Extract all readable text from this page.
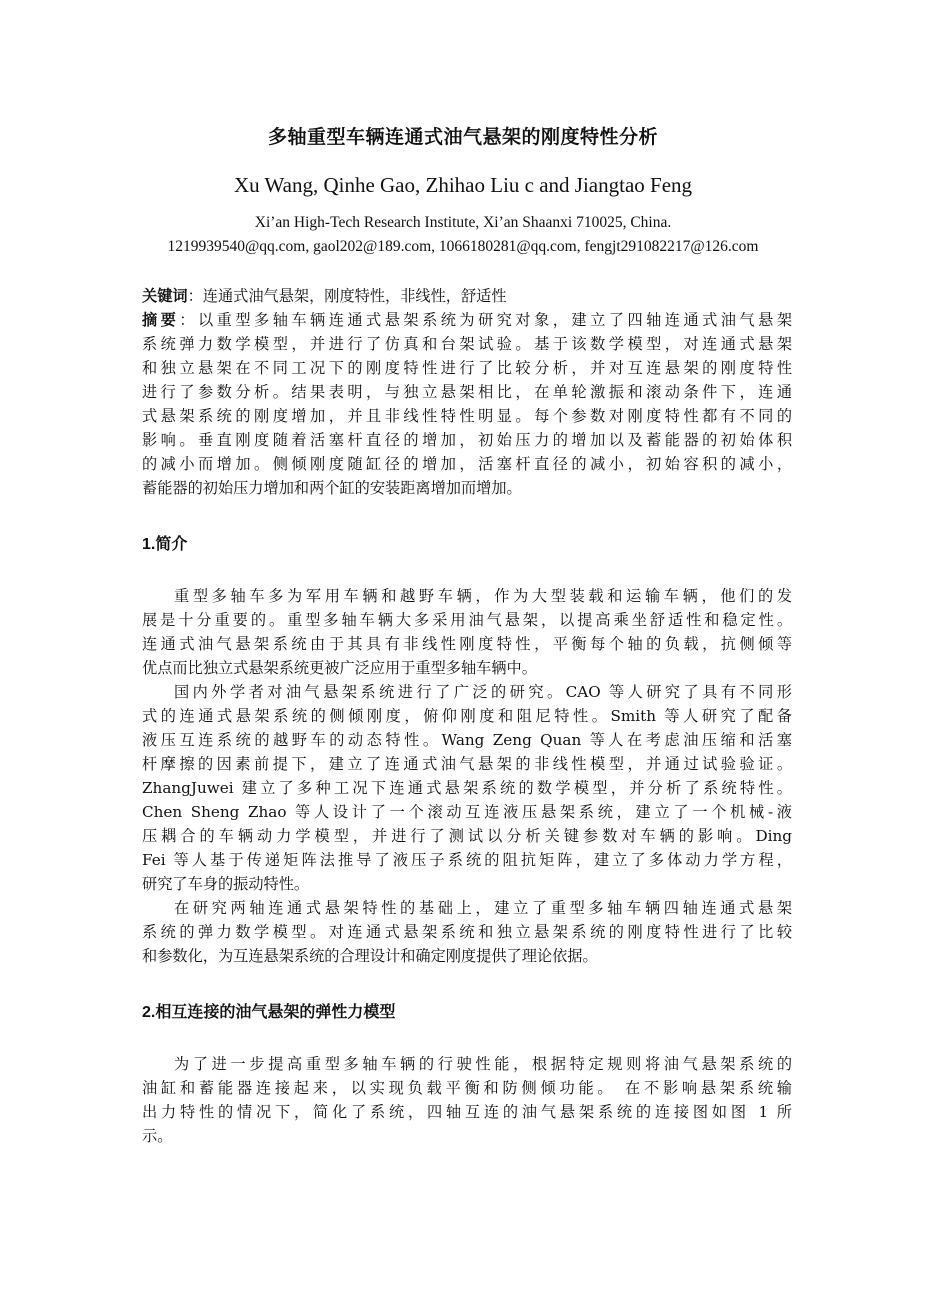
多轴重型车辆连通式油气悬架的刚度特性分析
Xu Wang, Qinhe Gao, Zhihao Liu c and Jiangtao Feng
Xi’an High-Tech Research Institute, Xi’an Shaanxi 710025, China.
1219939540@qq.com, gaol202@189.com, 1066180281@qq.com, fengjt291082217@126.com
关键词：连通式油气悬架，刚度特性，非线性，舒适性
摘要：以重型多轴车辆连通式悬架系统为研究对象，建立了四轴连通式油气悬架
系统弹力数学模型，并进行了仿真和台架试验。基于该数学模型，对连通式悬架
和独立悬架在不同工况下的刚度特性进行了比较分析，并对互连悬架的刚度特性
进行了参数分析。结果表明，与独立悬架相比，在单轮激振和滚动条件下，连通
式悬架系统的刚度增加，并且非线性特性明显。每个参数对刚度特性都有不同的
影响。垂直刚度随着活塞杆直径的增加，初始压力的增加以及蓄能器的初始体积
的减小而增加。侧倾刚度随缸径的增加，活塞杆直径的减小，初始容积的减小，
蓄能器的初始压力增加和两个缸的安装距离增加而增加。
1.简介
重型多轴车多为军用车辆和越野车辆，作为大型装载和运输车辆，他们的发
展是十分重要的。重型多轴车辆大多采用油气悬架，以提高乘坐舒适性和稳定性。
连通式油气悬架系统由于其具有非线性刚度特性，平衡每个轴的负载，抗侧倾等
优点而比独立式悬架系统更被广泛应用于重型多轴车辆中。
国内外学者对油气悬架系统进行了广泛的研究。CAO 等人研究了具有不同形
式的连通式悬架系统的侧倾刚度，俯仰刚度和阻尼特性。Smith 等人研究了配备
液压互连系统的越野车的动态特性。Wang Zeng Quan 等人在考虑油压缩和活塞
杆摩擦的因素前提下，建立了连通式油气悬架的非线性模型，并通过试验验证。
ZhangJuwei 建立了多种工况下连通式悬架系统的数学模型，并分析了系统特性。
Chen Sheng Zhao 等人设计了一个滚动互连液压悬架系统，建立了一个机械-液
压耦合的车辆动力学模型，并进行了测试以分析关键参数对车辆的影响。Ding
Fei 等人基于传递矩阵法推导了液压子系统的阻抗矩阵，建立了多体动力学方程，
研究了车身的振动特性。
在研究两轴连通式悬架特性的基础上，建立了重型多轴车辆四轴连通式悬架
系统的弹力数学模型。对连通式悬架系统和独立悬架系统的刚度特性进行了比较
和参数化，为互连悬架系统的合理设计和确定刚度提供了理论依据。
2.相互连接的油气悬架的弹性力模型
为了进一步提高重型多轴车辆的行驶性能，根据特定规则将油气悬架系统的
油缸和蓄能器连接起来，以实现负载平衡和防侧倾功能。 在不影响悬架系统输
出力特性的情况下，简化了系统，四轴互连的油气悬架系统的连接图如图 1 所
示。
